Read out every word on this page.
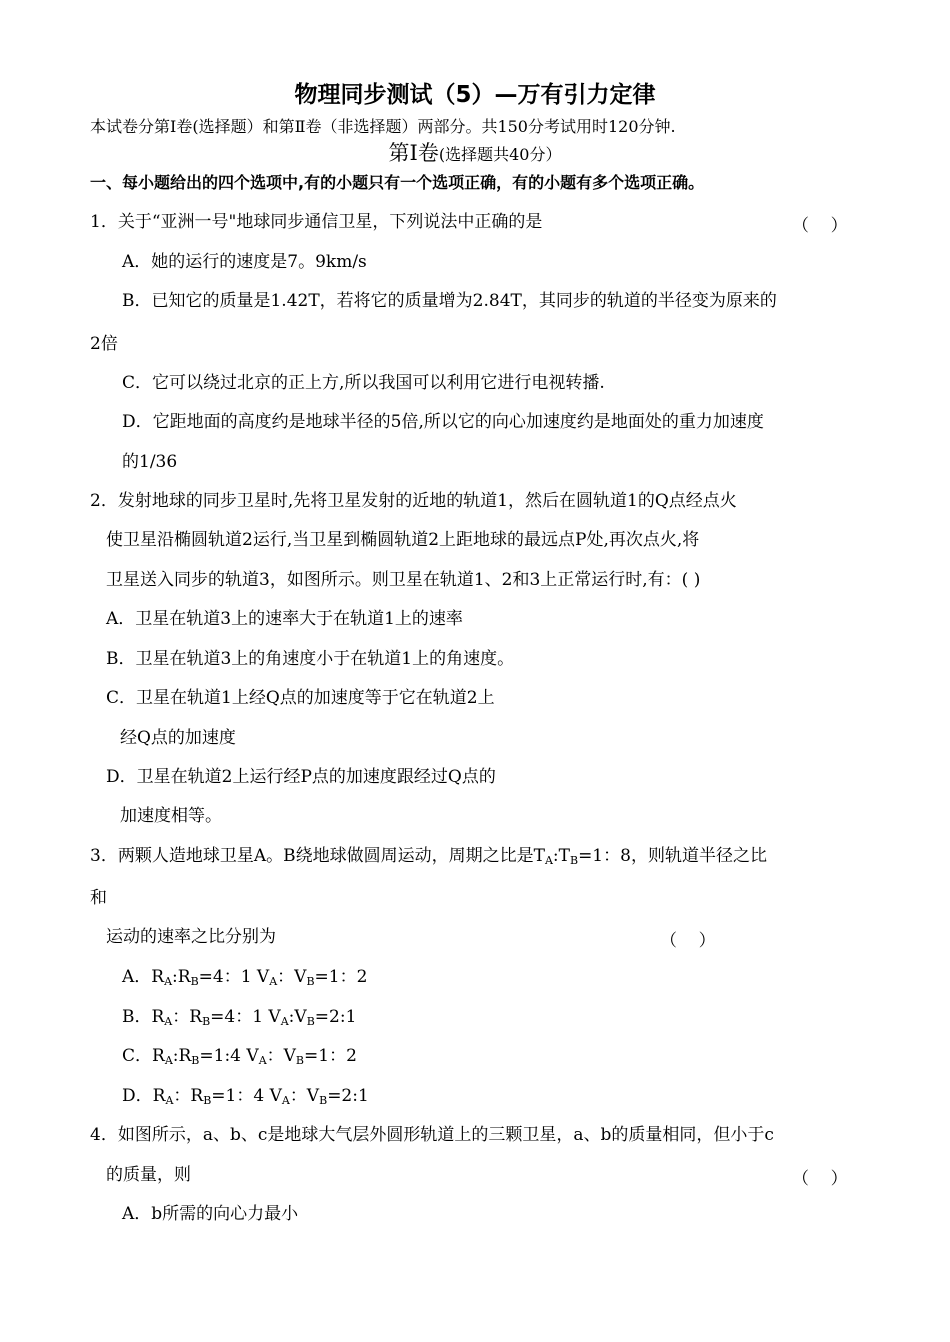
物理同步测试（5）—万有引力定律
本试卷分第Ⅰ卷(选择题）和第Ⅱ卷（非选择题）两部分。共150分考试用时120分钟.
第Ⅰ卷(选择题共40分）
一、每小题给出的四个选项中,有的小题只有一个选项正确，有的小题有多个选项正确。
1．关于“亚洲一号"地球同步通信卫星，下列说法中正确的是	（    ）
A．她的运行的速度是7。9km/s
B．已知它的质量是1.42T，若将它的质量增为2.84T，其同步的轨道的半径变为原来的
2倍
C．它可以绕过北京的正上方,所以我国可以利用它进行电视转播.
D．它距地面的高度约是地球半径的5倍,所以它的向心加速度约是地面处的重力加速度
的1/36
2．发射地球的同步卫星时,先将卫星发射的近地的轨道1，然后在圆轨道1的Q点经点火
使卫星沿椭圆轨道2运行,当卫星到椭圆轨道2上距地球的最远点P处,再次点火,将
卫星送入同步的轨道3，如图所示。则卫星在轨道1、2和3上正常运行时,有：( )
A．卫星在轨道3上的速率大于在轨道1上的速率
B．卫星在轨道3上的角速度小于在轨道1上的角速度。
C．卫星在轨道1上经Q点的加速度等于它在轨道2上
经Q点的加速度
D．卫星在轨道2上运行经P点的加速度跟经过Q点的
加速度相等。
3．两颗人造地球卫星A。B绕地球做圆周运动，周期之比是$T_A:T_B=1$：8，则轨道半径之比
和
运动的速率之比分别为	（    ）
A．$R_A:R_B=4$：1 $V_A$：$V_B=1$：2
B．$R_A$：$R_B=4$：1 $V_A:V_B=2:1$
C．$R_A:R_B=1:4$ $V_A$：$V_B=1$：2
D．$R_A$：$R_B=1$：4 $V_A$：$V_B=2:1$
4．如图所示，a、b、c是地球大气层外圆形轨道上的三颗卫星，a、b的质量相同，但小于c
的质量，则	（    ）
A．b所需的向心力最小
